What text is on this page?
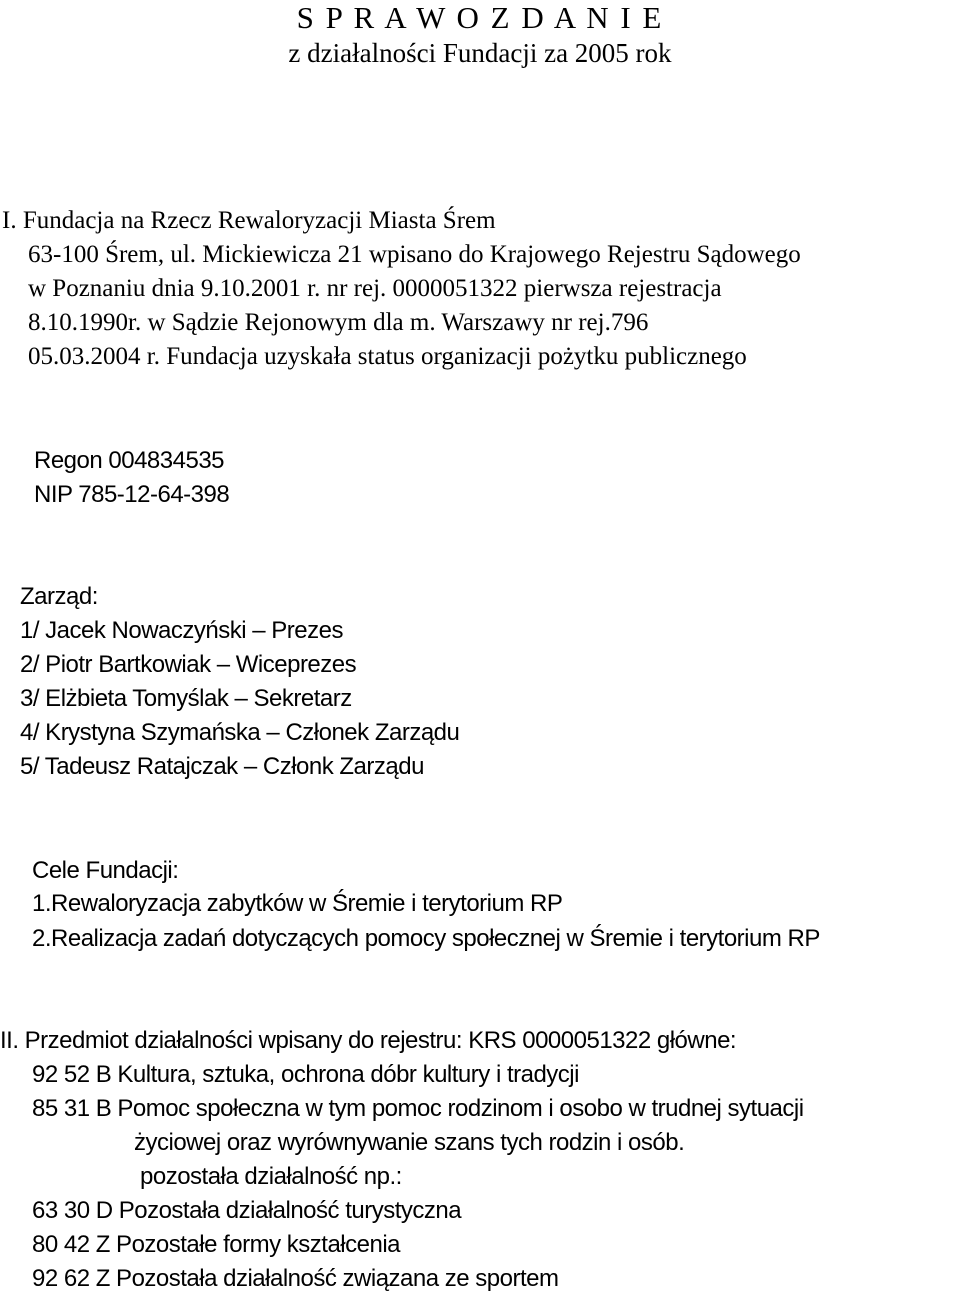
S P R A W O Z D A N I E
z działalności Fundacji za 2005 rok
I. Fundacja na Rzecz Rewaloryzacji Miasta Śrem
63-100 Śrem, ul. Mickiewicza 21 wpisano do Krajowego Rejestru Sądowego
w Poznaniu dnia 9.10.2001 r. nr rej. 0000051322 pierwsza rejestracja
8.10.1990r. w Sądzie Rejonowym dla m. Warszawy nr rej.796
05.03.2004 r. Fundacja uzyskała status organizacji pożytku publicznego
Regon 004834535
NIP 785-12-64-398
Zarząd:
1/ Jacek Nowaczyński – Prezes
2/ Piotr Bartkowiak – Wiceprezes
3/ Elżbieta Tomyślak – Sekretarz
4/ Krystyna Szymańska – Członek Zarządu
5/ Tadeusz Ratajczak – Członk Zarządu
Cele Fundacji:
1.Rewaloryzacja zabytków w Śremie i terytorium RP
2.Realizacja zadań dotyczących pomocy społecznej w Śremie i terytorium RP
II. Przedmiot działalności wpisany do rejestru: KRS 0000051322 główne:
92 52 B Kultura, sztuka, ochrona dóbr kultury i tradycji
85 31 B Pomoc społeczna w tym pomoc rodzinom i osobo w trudnej sytuacji
życiowej oraz wyrównywanie szans tych rodzin i osób.
pozostała działalność np.:
63 30 D Pozostała działalność turystyczna
80 42 Z Pozostałe formy kształcenia
92 62 Z Pozostała działalność związana ze sportem
